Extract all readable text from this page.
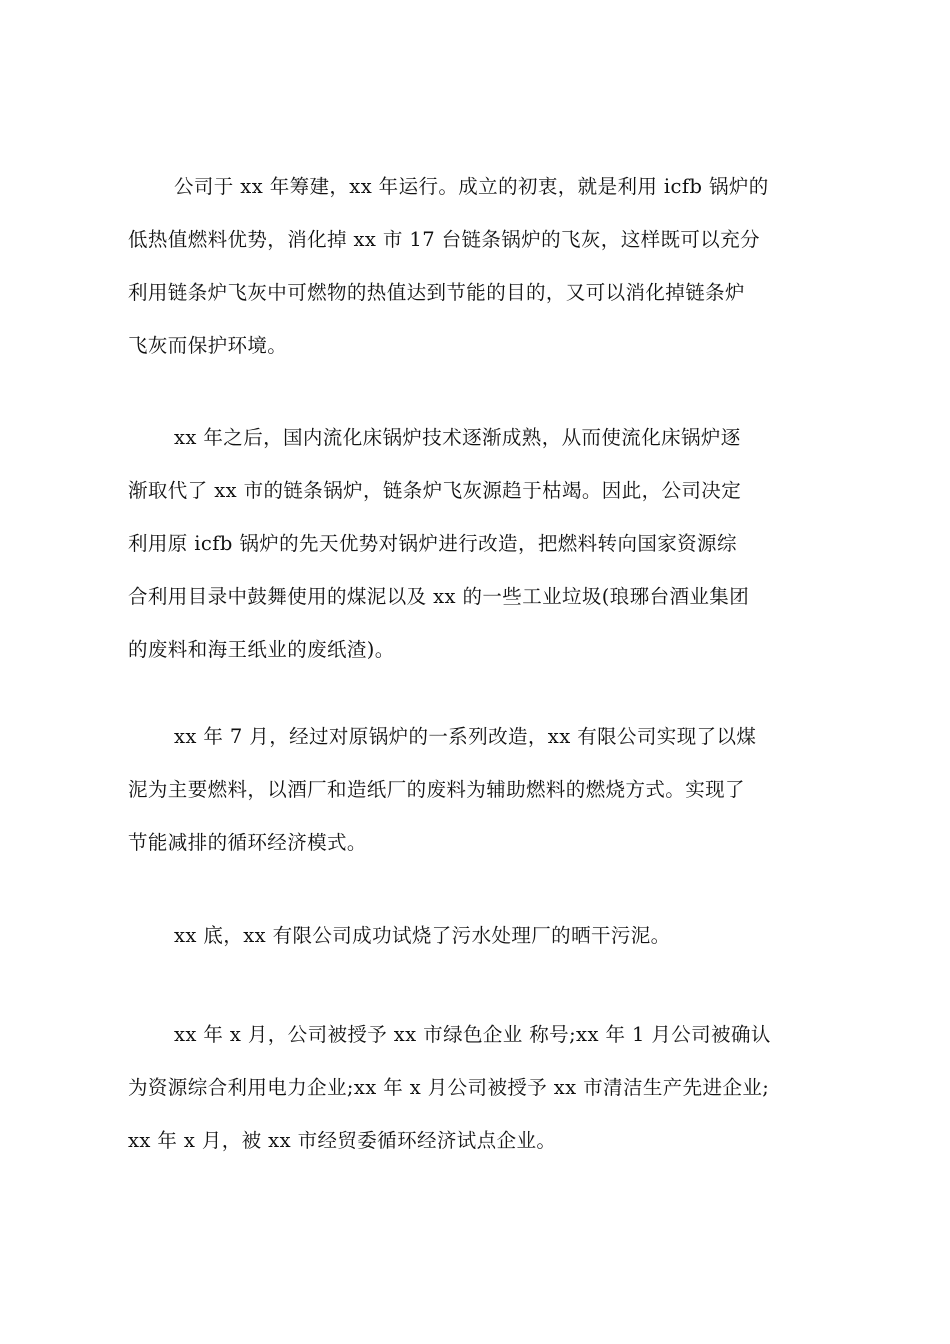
公司于 xx 年筹建，xx 年运行。成立的初衷，就是利用 icfb 锅炉的
低热值燃料优势，消化掉 xx 市 17 台链条锅炉的飞灰，这样既可以充分
利用链条炉飞灰中可燃物的热值达到节能的目的，又可以消化掉链条炉
飞灰而保护环境。

xx 年之后，国内流化床锅炉技术逐渐成熟，从而使流化床锅炉逐
渐取代了 xx 市的链条锅炉，链条炉飞灰源趋于枯竭。因此，公司决定
利用原 icfb 锅炉的先天优势对锅炉进行改造，把燃料转向国家资源综
合利用目录中鼓舞使用的煤泥以及 xx 的一些工业垃圾(琅琊台酒业集团
的废料和海王纸业的废纸渣)。

xx 年 7 月，经过对原锅炉的一系列改造，xx 有限公司实现了以煤
泥为主要燃料，以酒厂和造纸厂的废料为辅助燃料的燃烧方式。实现了
节能减排的循环经济模式。

xx 底，xx 有限公司成功试烧了污水处理厂的晒干污泥。

xx 年 x 月，公司被授予 xx 市绿色企业 称号;xx 年 1 月公司被确认
为资源综合利用电力企业;xx 年 x 月公司被授予 xx 市清洁生产先进企业;
xx 年 x 月，被 xx 市经贸委循环经济试点企业。
